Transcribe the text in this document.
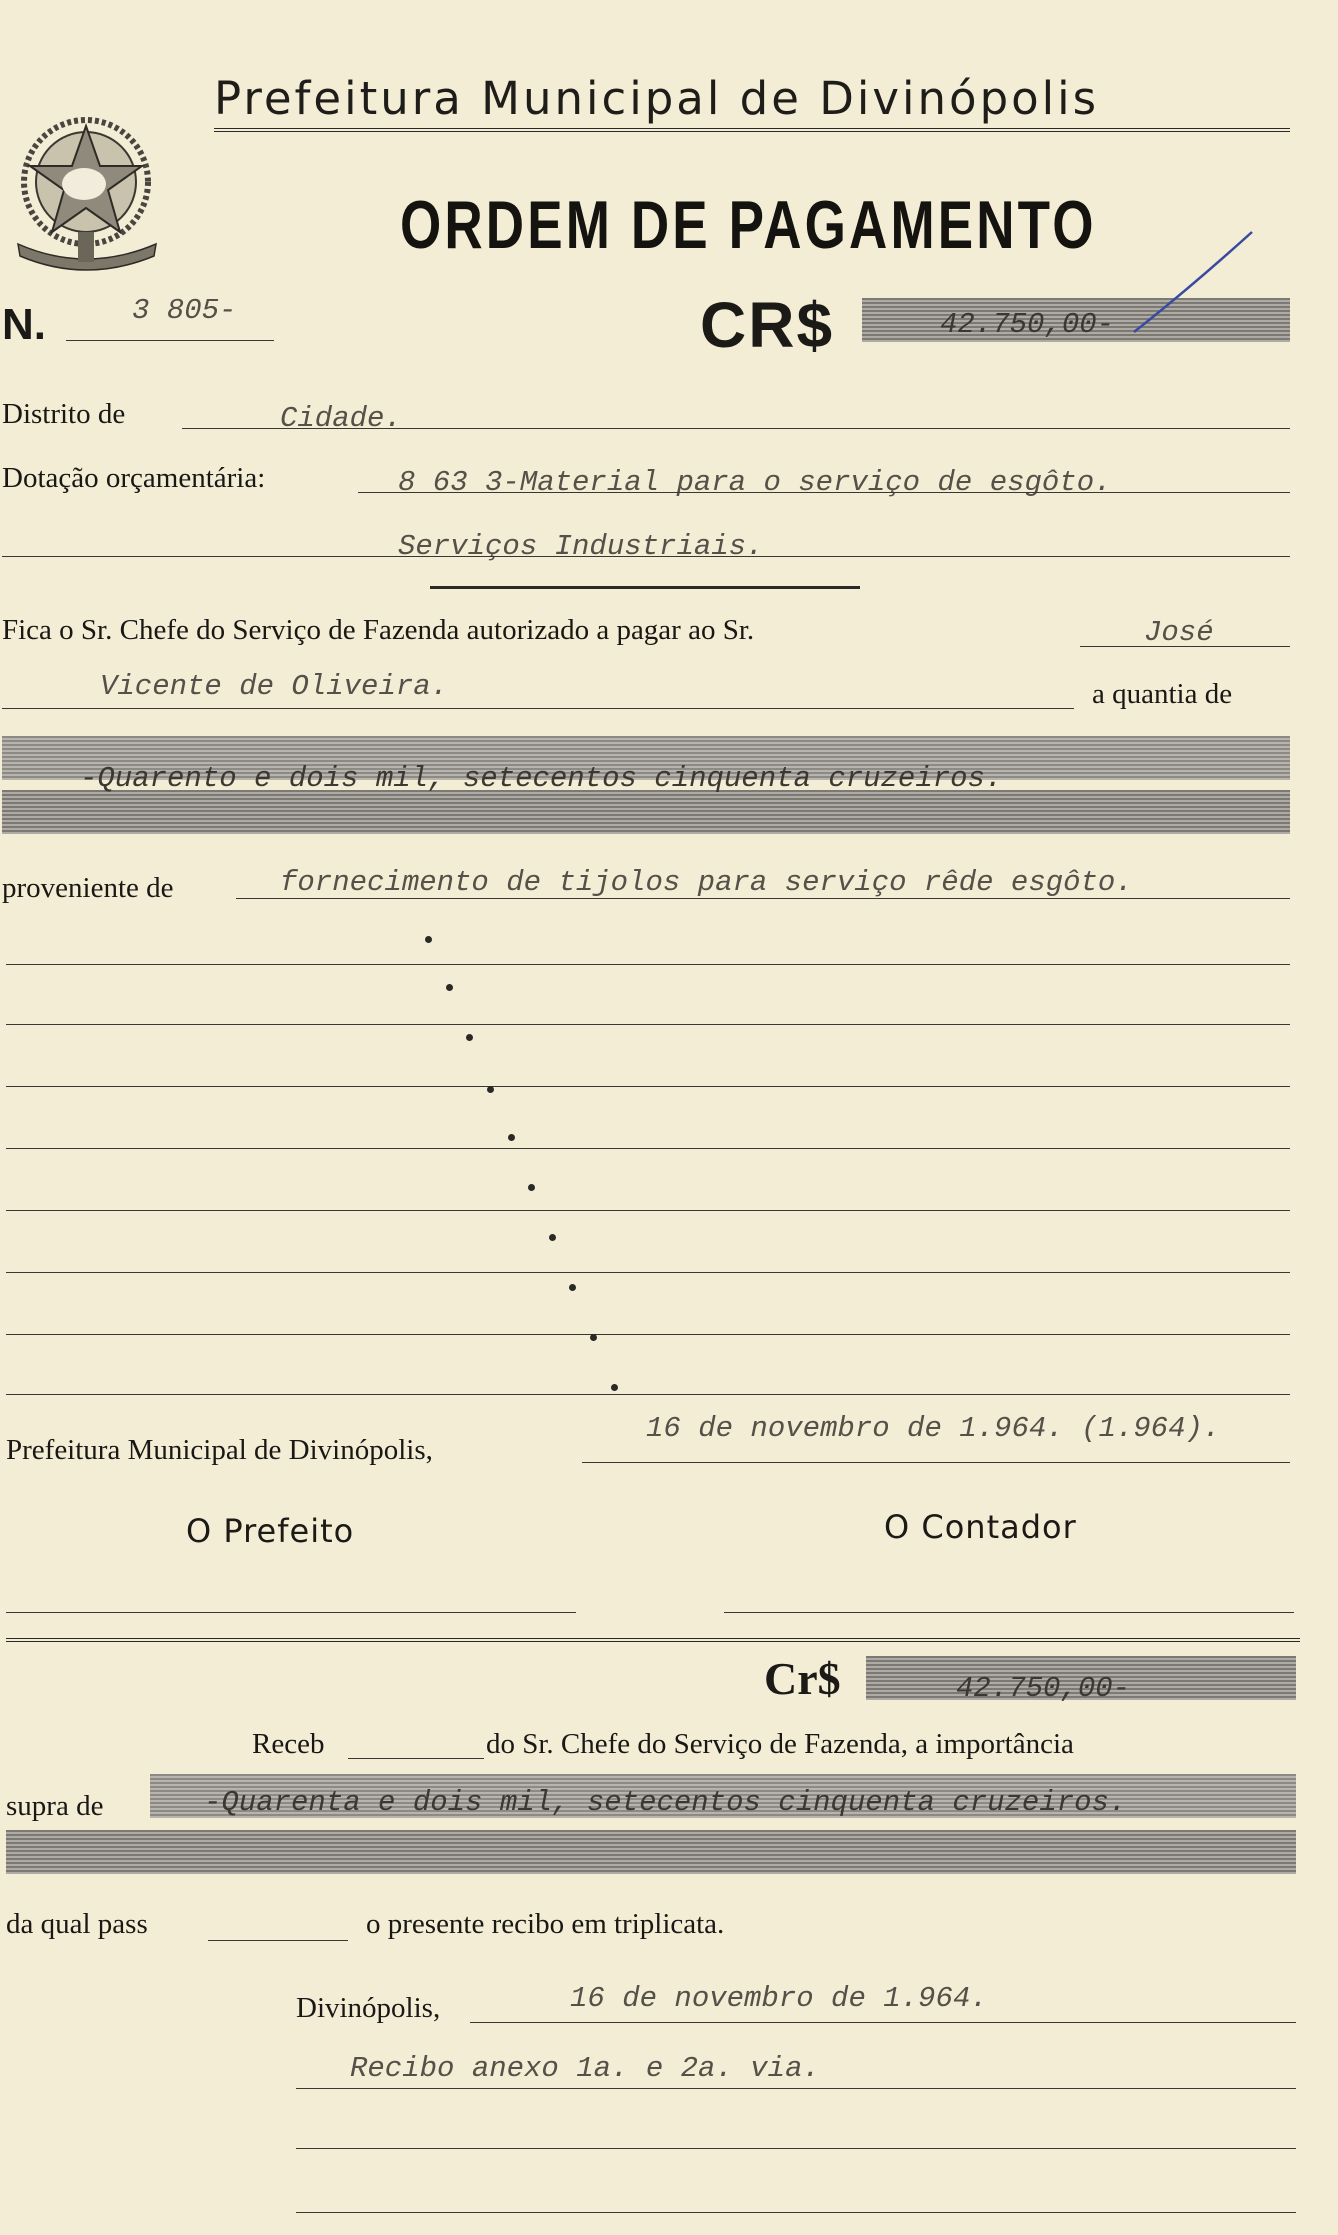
Prefeitura Municipal de Divinópolis
ORDEM DE PAGAMENTO
N.	3 805-	CR$	42.750,00-
Distrito de	Cidade.
Dotação orçamentária:	8 63 3-Material para o serviço de esgôto.
Serviços Industriais.
Fica o Sr. Chefe do Serviço de Fazenda autorizado a pagar ao Sr.	José
Vicente de Oliveira.	a quantia de
-Quarento e dois mil, setecentos cinquenta cruzeiros.
proveniente de	fornecimento de tijolos para serviço rêde esgôto.
Prefeitura Municipal de Divinópolis,
16 de novembro de 1.964. (1.964).
O Prefeito	O Contador
Cr$	42.750,00-
Receb	do Sr. Chefe do Serviço de Fazenda, a importância
supra de	-Quarenta e dois mil, setecentos cinquenta cruzeiros.
da qual pass	o presente recibo em triplicata.
Divinópolis,	16 de novembro de 1.964.
Recibo anexo 1a. e 2a. via.
